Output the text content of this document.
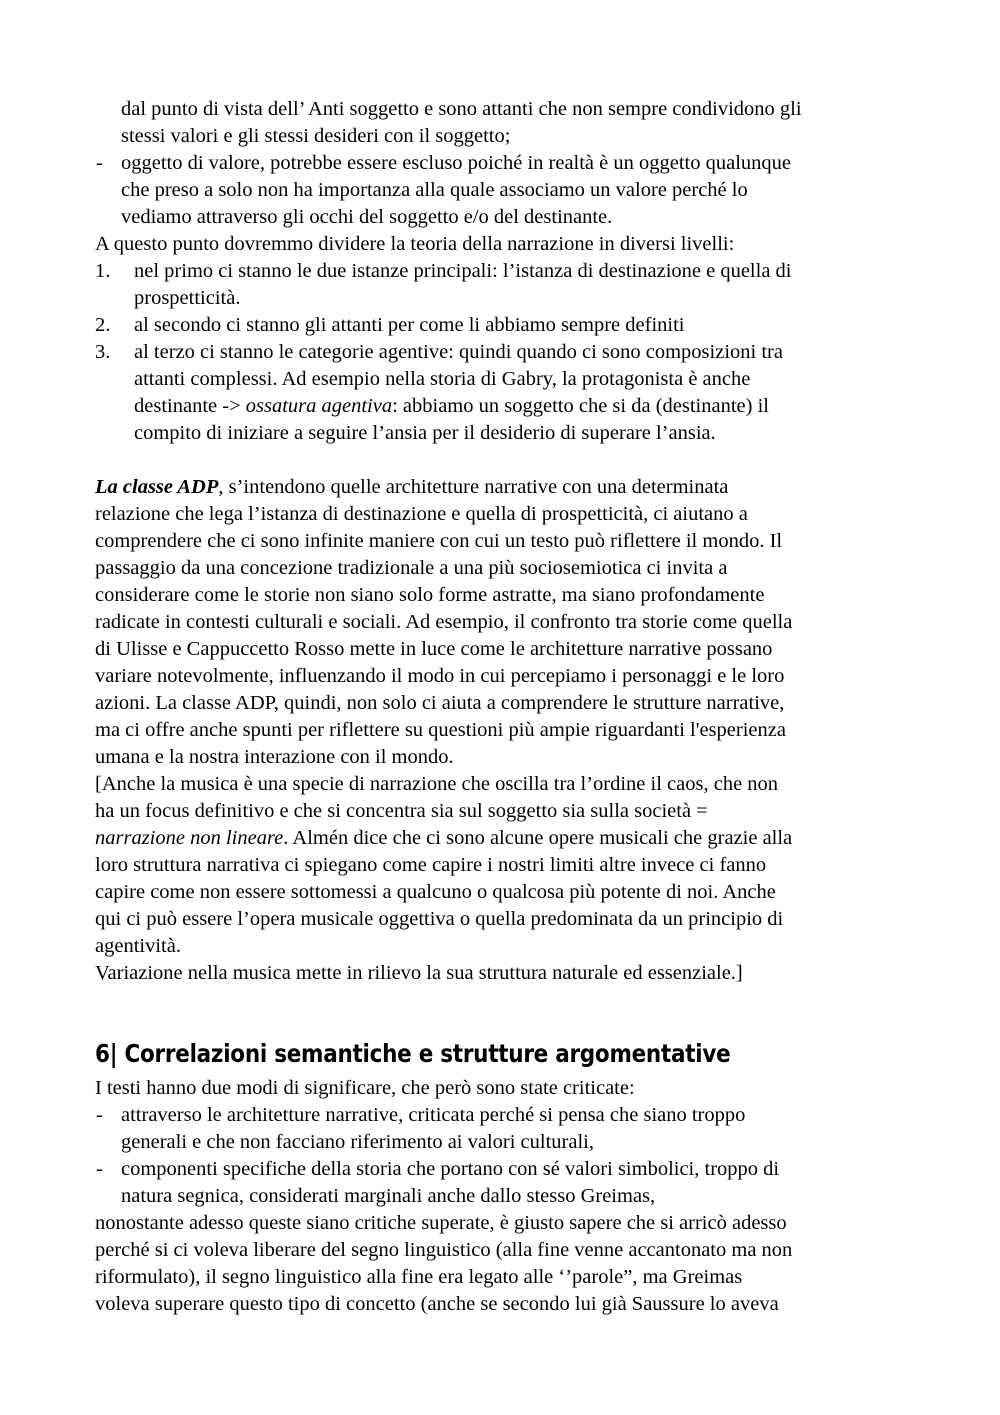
dal punto di vista dell’ Anti soggetto e sono attanti che non sempre condividono gli
stessi valori e gli stessi desideri con il soggetto;
- oggetto di valore, potrebbe essere escluso poiché in realtà è un oggetto qualunque
che preso a solo non ha importanza alla quale associamo un valore perché lo
vediamo attraverso gli occhi del soggetto e/o del destinante.
A questo punto dovremmo dividere la teoria della narrazione in diversi livelli:
1. nel primo ci stanno le due istanze principali: l’istanza di destinazione e quella di
prospetticità.
2. al secondo ci stanno gli attanti per come li abbiamo sempre definiti
3. al terzo ci stanno le categorie agentive: quindi quando ci sono composizioni tra
attanti complessi. Ad esempio nella storia di Gabry, la protagonista è anche
destinante -> ossatura agentiva: abbiamo un soggetto che si da (destinante) il
compito di iniziare a seguire l’ansia per il desiderio di superare l’ansia.
La classe ADP, s’intendono quelle architetture narrative con una determinata
relazione che lega l’istanza di destinazione e quella di prospetticità, ci aiutano a
comprendere che ci sono infinite maniere con cui un testo può riflettere il mondo. Il
passaggio da una concezione tradizionale a una più sociosemiotica ci invita a
considerare come le storie non siano solo forme astratte, ma siano profondamente
radicate in contesti culturali e sociali. Ad esempio, il confronto tra storie come quella
di Ulisse e Cappuccetto Rosso mette in luce come le architetture narrative possano
variare notevolmente, influenzando il modo in cui percepiamo i personaggi e le loro
azioni. La classe ADP, quindi, non solo ci aiuta a comprendere le strutture narrative,
ma ci offre anche spunti per riflettere su questioni più ampie riguardanti l'esperienza
umana e la nostra interazione con il mondo.
[Anche la musica è una specie di narrazione che oscilla tra l’ordine il caos, che non
ha un focus definitivo e che si concentra sia sul soggetto sia sulla società =
narrazione non lineare. Almén dice che ci sono alcune opere musicali che grazie alla
loro struttura narrativa ci spiegano come capire i nostri limiti altre invece ci fanno
capire come non essere sottomessi a qualcuno o qualcosa più potente di noi. Anche
qui ci può essere l’opera musicale oggettiva o quella predominata da un principio di
agentività.
Variazione nella musica mette in rilievo la sua struttura naturale ed essenziale.]
6| Correlazioni semantiche e strutture argomentative
I testi hanno due modi di significare, che però sono state criticate:
- attraverso le architetture narrative, criticata perché si pensa che siano troppo
generali e che non facciano riferimento ai valori culturali,
- componenti specifiche della storia che portano con sé valori simbolici, troppo di
natura segnica, considerati marginali anche dallo stesso Greimas,
nonostante adesso queste siano critiche superate, è giusto sapere che si arricò adesso
perché si ci voleva liberare del segno linguistico (alla fine venne accantonato ma non
riformulato), il segno linguistico alla fine era legato alle ‘’parole”, ma Greimas
voleva superare questo tipo di concetto (anche se secondo lui già Saussure lo aveva
